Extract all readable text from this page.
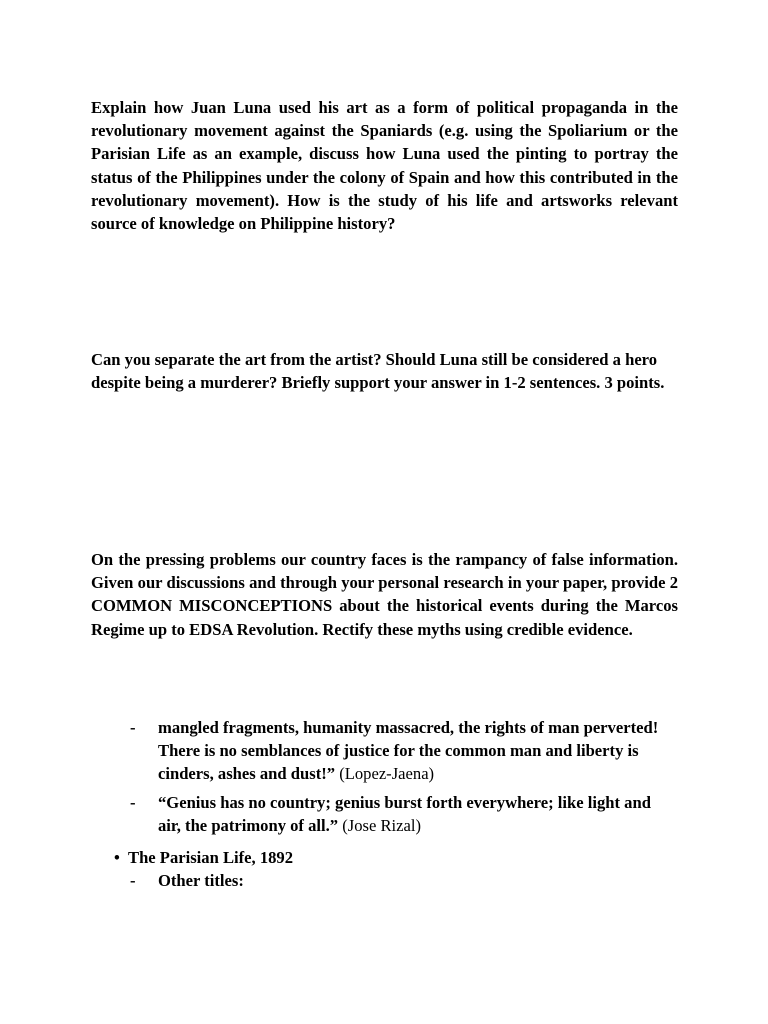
Explain how Juan Luna used his art as a form of political propaganda in the revolutionary movement against the Spaniards (e.g. using the Spoliarium or the Parisian Life as an example, discuss how Luna used the pinting to portray the status of the Philippines under the colony of Spain and how this contributed in the revolutionary movement). How is the study of his life and artsworks relevant source of knowledge on Philippine history?

Can you separate the art from the artist? Should Luna still be considered a hero despite being a murderer? Briefly support your answer in 1-2 sentences. 3 points.

On the pressing problems our country faces is the rampancy of false information. Given our discussions and through your personal research in your paper, provide 2 COMMON MISCONCEPTIONS about the historical events during the Marcos Regime up to EDSA Revolution. Rectify these myths using credible evidence.

- mangled fragments, humanity massacred, the rights of man perverted! There is no semblances of justice for the common man and liberty is cinders, ashes and dust!” (Lopez-Jaena)
- “Genius has no country; genius burst forth everywhere; like light and air, the patrimony of all.” (Jose Rizal)
• The Parisian Life, 1892
- Other titles:
